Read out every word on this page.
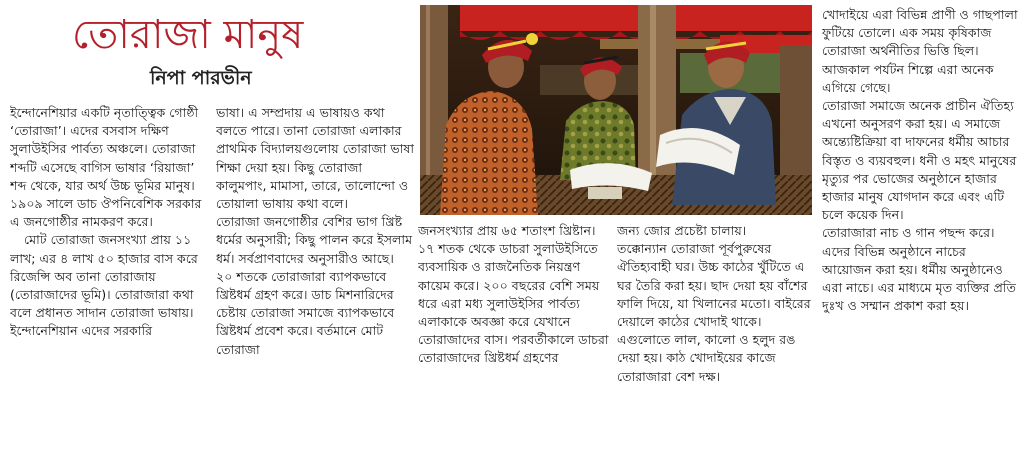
তোরাজা মানুষ
নিপা পারভীন

ইন্দোনেশিয়ার একটি নৃতাত্ত্বিক গোষ্ঠী ‘তোরাজা’। এদের বসবাস দক্ষিণ সুলাউইসির পার্বত্য অঞ্চলে। তোরাজা শব্দটি এসেছে বাগিস ভাষার ‘রিয়াজা’ শব্দ থেকে, যার অর্থ উচ্চ ভূমির মানুষ। ১৯০৯ সালে ডাচ ঔপনিবেশিক সরকার এ জনগোষ্ঠীর নামকরণ করে।

মোট তোরাজা জনসংখ্যা প্রায় ১১ লাখ; এর ৪ লাখ ৫০ হাজার বাস করে রিজেন্সি অব তানা তোরাজায় (তোরাজাদের ভূমি)। তোরাজারা কথা বলে প্রধানত সাদান তোরাজা ভাষায়। ইন্দোনেশিয়ান এদের সরকারি

ভাষা। এ সম্প্রদায় এ ভাষায়ও কথা বলতে পারে। তানা তোরাজা এলাকার প্রাথমিক বিদ্যালয়গুলোয় তোরাজা ভাষা শিক্ষা দেয়া হয়। কিছু তোরাজা কালুমপাং, মামাসা, তারে, তালোন্দো ও তোয়ালা ভাষায় কথা বলে।

তোরাজা জনগোষ্ঠীর বেশির ভাগ খ্রিষ্ট ধর্মের অনুসারী; কিছু পালন করে ইসলাম ধর্ম। সর্বপ্রাণবাদের অনুসারীও আছে। ২০ শতকে তোরাজারা ব্যাপকভাবে খ্রিষ্টধর্ম গ্রহণ করে। ডাচ মিশনারিদের চেষ্টায় তোরাজা সমাজে ব্যাপকভাবে খ্রিষ্টধর্ম প্রবেশ করে। বর্তমানে মোট তোরাজা

জনসংখ্যার প্রায় ৬৫ শতাংশ খ্রিষ্টান।

১৭ শতক থেকে ডাচরা সুলাউইসিতে ব্যবসায়িক ও রাজনৈতিক নিয়ন্ত্রণ কায়েম করে। ২০০ বছরের বেশি সময় ধরে এরা মধ্য সুলাউইসির পার্বত্য এলাকাকে অবজ্ঞা করে যেখানে তোরাজাদের বাস। পরবর্তীকালে ডাচরা তোরাজাদের খ্রিষ্টধর্ম গ্রহণের

জন্য জোর প্রচেষ্টা চালায়।

তক্কোন্যান তোরাজা পূর্বপুরুষের ঐতিহ্যবাহী ঘর। উচ্চ কাঠের খুঁটিতে এ ঘর তৈরি করা হয়। ছাদ দেয়া হয় বাঁশের ফালি দিয়ে, যা খিলানের মতো। বাইরের দেয়ালে কাঠের খোদাই থাকে। এগুলোতে লাল, কালো ও হলুদ রঙ দেয়া হয়। কাঠ খোদাইয়ের কাজে তোরাজারা বেশ দক্ষ।

খোদাইয়ে এরা বিভিন্ন প্রাণী ও গাছপালা ফুটিয়ে তোলে। এক সময় কৃষিকাজ তোরাজা অর্থনীতির ভিত্তি ছিল। আজকাল পর্যটন শিল্পে এরা অনেক এগিয়ে গেছে।

তোরাজা সমাজে অনেক প্রাচীন ঐতিহ্য এখনো অনুসরণ করা হয়। এ সমাজে অন্ত্যেষ্টিক্রিয়া বা দাফনের ধর্মীয় আচার বিস্তৃত ও ব্যয়বহুল। ধনী ও মহৎ মানুষের মৃত্যুর পর ভোজের অনুষ্ঠানে হাজার হাজার মানুষ যোগদান করে এবং এটি চলে কয়েক দিন।

তোরাজারা নাচ ও গান পছন্দ করে। এদের বিভিন্ন অনুষ্ঠানে নাচের আয়োজন করা হয়। ধর্মীয় অনুষ্ঠানেও এরা নাচে। এর মাধ্যমে মৃত ব্যক্তির প্রতি দুঃখ ও সম্মান প্রকাশ করা হয়।
